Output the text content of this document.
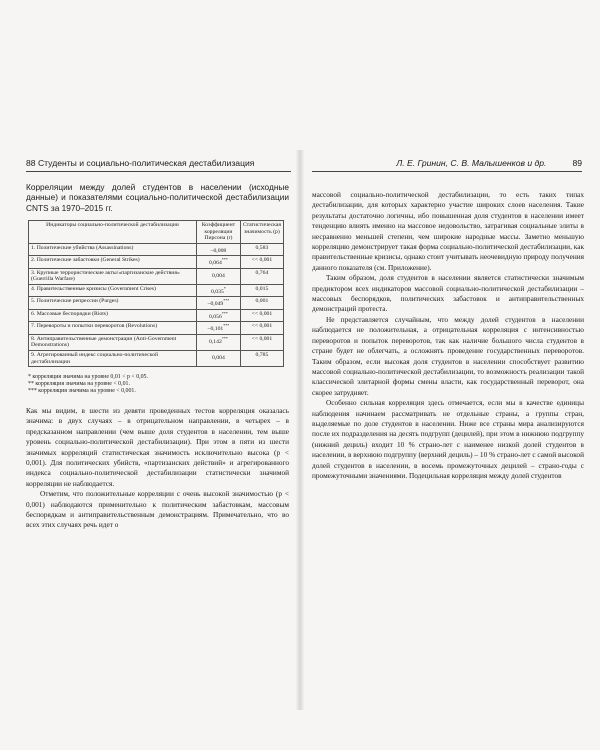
88 Студенты и социально-политическая дестабилизация
Корреляции между долей студентов в населении (исходные данные) и показателями социально-политической дестабилизации CNTS за 1970–2015 гг.
Индикаторы социально-политической дестабилизации	Коэффициент корреляции Пирсона (r)	Статистическая значимость (p)
1. Политические убийства (Assassinations)	–0,008	0,583
2. Политические забастовки (General Strikes)	0,064***	<< 0,001
3. Крупные террористические акты/«партизанские действия» (Guerrilla Warfare)	0,004	0,764
4. Правительственные кризисы (Government Crises)	0,035*	0,015
5. Политические репрессии (Purges)	–0,049***	0,001
6. Массовые беспорядки (Riots)	0,056***	<< 0,001
7. Перевороты и попытки переворотов (Revolutions)	–0,101***	<< 0,001
8. Антиправительственные демонстрации (Anti-Government Demonstrations)	0,142***	<< 0,001
9. Агрегированный индекс социально-политической дестабилизации	0,004	0,785
* корреляция значима на уровне 0,01 < p < 0,05.
** корреляция значима на уровне < 0,01.
*** корреляция значима на уровне < 0,001.

Как мы видим, в шести из девяти проведенных тестов корреляция оказалась значима: в двух случаях – в отрицательном направлении, в четырех – в предсказанном направлении (чем выше доля студентов в населении, тем выше уровень социально-политической дестабилизации). При этом в пяти из шести значимых корреляций статистическая значимость исключительно высока (p < 0,001). Для политических убийств, «партизанских действий» и агрегированного индекса социально-политической дестабилизации статистически значимой корреляции не наблюдается.

Отметим, что положительные корреляции с очень высокой значимостью (p < 0,001) наблюдаются применительно к политическим забастовкам, массовым беспорядкам и антиправительственным демонстрациям. Примечательно, что во всех этих случаях речь идет о

Л. Е. Гринин, С. В. Малышенков и др.	89

массовой социально-политической дестабилизации, то есть таких типах дестабилизации, для которых характерно участие широких слоев населения. Такие результаты достаточно логичны, ибо повышенная доля студентов в населении имеет тенденцию влиять именно на массовое недовольство, затрагивая социальные элиты в несравненно меньшей степени, чем широкие народные массы. Заметно меньшую корреляцию демонстрирует такая форма социально-политической дестабилизации, как правительственные кризисы, однако стоит учитывать неочевидную природу получения данного показателя (см. Приложение).

Таким образом, доля студентов в населении является статистически значимым предиктором всех индикаторов массовой социально-политической дестабилизации – массовых беспорядков, политических забастовок и антиправительственных демонстраций протеста.

Не представляется случайным, что между долей студентов в населении наблюдается не положительная, а отрицательная корреляция с интенсивностью переворотов и попыток переворотов, так как наличие большого числа студентов в стране будет не облегчать, а осложнять проведение государственных переворотов. Таким образом, если высокая доля студентов в населении способствует развитию массовой социально-политической дестабилизации, то возможность реализации такой классической элитарной формы смены власти, как государственный переворот, она скорее затрудняет.

Особенно сильная корреляция здесь отмечается, если мы в качестве единицы наблюдения начинаем рассматривать не отдельные страны, а группы стран, выделяемые по доле студентов в населении. Ниже все страны мира анализируются после их подразделения на десять подгрупп (децилей), при этом в нижнюю подгруппу (нижний дециль) входит 10 % страно-лет с наименее низкой долей студентов в населении, в верхнюю подгруппу (верхний дециль) – 10 % страно-лет с самой высокой долей студентов в населении, в восемь промежуточных децилей – страно-годы с промежуточными значениями. Подецильная корреляция между долей студентов
